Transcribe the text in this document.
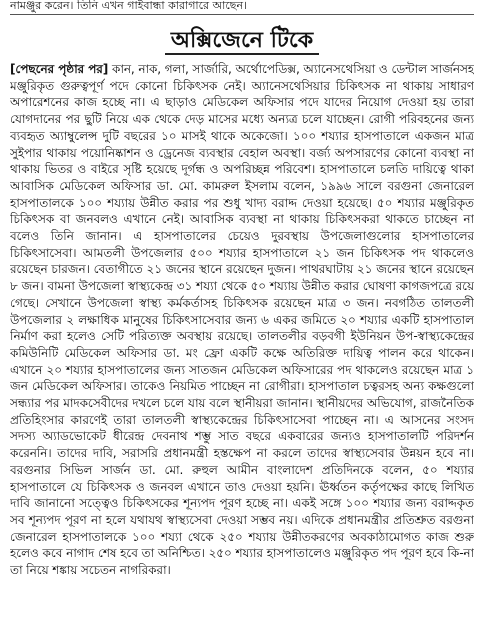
নামঞ্জুর করেন। তিনি এখন গাইবান্ধা কারাগারে আছেন।
অক্সিজেনে টিকে
[পেছনের পৃষ্ঠার পর] কান, নাক, গলা, সার্জারি, অর্থোপেডিক্স, অ্যানেসথেসিয়া ও ডেন্টাল সার্জনসহ মঞ্জুরিকৃত গুরুত্বপূর্ণ পদে কোনো চিকিৎসক নেই। অ্যানেসথেসিয়ার চিকিৎসক না থাকায় সাধারণ অপারেশনের কাজ হচ্ছে না। এ ছাড়াও মেডিকেল অফিসার পদে যাদের নিয়োগ দেওয়া হয় তারা যোগদানের পর ছুটি নিয়ে এক থেকে দেড় মাসের মধ্যে অন্যত্র চলে যাচ্ছেন। রোগী পরিবহনের জন্য ব্যবহৃত অ্যাম্বুলেন্স দুটি বছরের ১০ মাসই থাকে অকেজো। ১০০ শয্যার হাসপাতালে একজন মাত্র সুইপার থাকায় পয়োনিষ্কাশন ও ড্রেনেজ ব্যবস্থার বেহাল অবস্থা। বর্জ্য অপসারণের কোনো ব্যবস্থা না থাকায় ভিতর ও বাইরে সৃষ্টি হয়েছে দূর্গন্ধ ও অপরিচ্ছন্ন পরিবেশ। হাসপাতালে চলতি দায়িত্বে থাকা আবাসিক মেডিকেল অফিসার ডা. মো. কামরুল ইসলাম বলেন, ১৯৯৬ সালে বরগুনা জেনারেল হাসপাতালকে ১০০ শয্যায় উন্নীত করার পর শুধু খাদ্য বরাদ্দ দেওয়া হয়েছে। ৫০ শয্যার মঞ্জুরিকৃত চিকিৎসক বা জনবলও এখানে নেই। আবাসিক ব্যবস্থা না থাকায় চিকিৎসকরা থাকতে চাচ্ছেন না বলেও তিনি জানান। এ হাসপাতালের চেয়েও দুরবস্থায় উপজেলাগুলোর হাসপাতালের চিকিৎসাসেবা। আমতলী উপজেলার ৫০০ শয্যার হাসপাতালে ২১ জন চিকিৎসক পদ থাকলেও রয়েছেন চারজন। বেতাগীতে ২১ জনের স্থানে রয়েছেন দুজন। পাথরঘাটায় ২১ জনের স্থানে রয়েছেন ৮ জন। বামনা উপজেলা স্বাস্থ্যকেন্দ্র ৩১ শয্যা থেকে ৫০ শয্যায় উন্নীত করার ঘোষণা কাগজপত্রে রয়ে গেছে। সেখানে উপজেলা স্বাস্থ্য কর্মকর্তাসহ চিকিৎসক রয়েছেন মাত্র ৩ জন। নবগঠিত তালতলী উপজেলার ২ লক্ষাধিক মানুষের চিকিৎসাসেবার জন্য ৬ একর জমিতে ২০ শয্যার একটি হাসপাতাল নির্মাণ করা হলেও সেটি পরিত্যক্ত অবস্থায় রয়েছে। তালতলীর বড়বগী ইউনিয়ন উপ-স্বাস্থ্যকেন্দ্রের কমিউনিটি মেডিকেল অফিসার ডা. মং ফ্রো একটি কক্ষে অতিরিক্ত দায়িত্ব পালন করে থাকেন। এখানে ২০ শয্যার হাসপাতালের জন্য সাতজন মেডিকেল অফিসারের পদ থাকলেও রয়েছেন মাত্র ১ জন মেডিকেল অফিসার। তাকেও নিয়মিত পাচ্ছেন না রোগীরা। হাসপাতাল চত্বরসহ অন্য কক্ষগুলো সন্ধ্যার পর মাদকসেবীদের দখলে চলে যায় বলে স্থানীয়রা জানান। স্থানীয়দের অভিযোগ, রাজনৈতিক প্রতিহিংসার কারণেই তারা তালতলী স্বাস্থ্যকেন্দ্রের চিকিৎসাসেবা পাচ্ছেন না। এ আসনের সংসদ সদস্য অ্যাডভোকেট ধীরেন্দ্র দেবনাথ শম্ভু সাত বছরে একবারের জন্যও হাসপাতালটি পরিদর্শন করেননি। তাদের দাবি, সরাসরি প্রধানমন্ত্রী হস্তক্ষেপ না করলে তাদের স্বাস্থ্যসেবার উন্নয়ন হবে না। বরগুনার সিভিল সার্জন ডা. মো. রুহুল আমীন বাংলাদেশ প্রতিদিনকে বলেন, ৫০ শয্যার হাসপাতালে যে চিকিৎসক ও জনবল এখানে তাও দেওয়া হয়নি। ঊর্ধ্বতন কর্তৃপক্ষের কাছে লিখিত দাবি জানানো সত্ত্বেও চিকিৎসকের শূন্যপদ পূরণ হচ্ছে না। একই সঙ্গে ১০০ শয্যার জন্য বরাদ্দকৃত সব শূন্যপদ পূরণ না হলে যথাযথ স্বাস্থ্যসেবা দেওয়া সম্ভব নয়। এদিকে প্রধানমন্ত্রীর প্রতিশ্রুত বরগুনা জেনারেল হাসপাতালকে ১০০ শয্যা থেকে ২৫০ শয্যায় উন্নীতকরণের অবকাঠামোগত কাজ শুরু হলেও কবে নাগাদ শেষ হবে তা অনিশ্চিত। ২৫০ শয্যার হাসপাতালেও মঞ্জুরিকৃত পদ পূরণ হবে কি-না তা নিয়ে শঙ্কায় সচেতন নাগরিকরা।
